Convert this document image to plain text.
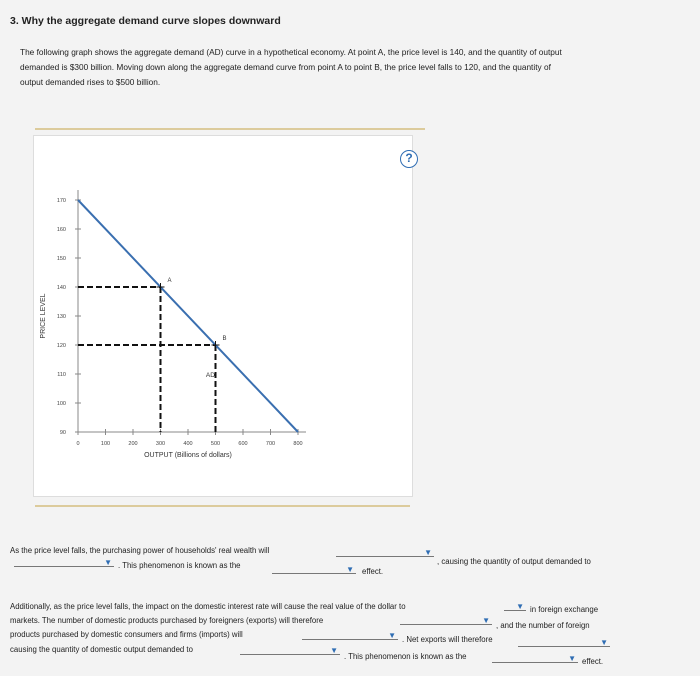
3. Why the aggregate demand curve slopes downward
The following graph shows the aggregate demand (AD) curve in a hypothetical economy. At point A, the price level is 140, and the quantity of output
demanded is $300 billion. Moving down along the aggregate demand curve from point A to point B, the price level falls to 120, and the quantity of
output demanded rises to $500 billion.
?
90
100
110
120
130
140
150
160
170
0	100	200	300	400	500	600	700	800
OUTPUT (Billions of dollars)
PRICE LEVEL
AD
A
B
As the price level falls, the purchasing power of households' real wealth will	▼
, causing the quantity of output demanded to
▼ . This phenomenon is known as the	▼ effect.
Additionally, as the price level falls, the impact on the domestic interest rate will cause the real value of the dollar to	▼ in foreign exchange
markets. The number of domestic products purchased by foreigners (exports) will therefore	▼
, and the number of foreign
products purchased by domestic consumers and firms (imports) will	▼ . Net exports will therefore	▼
causing the quantity of domestic output demanded to	▼
. This phenomenon is known as the	▼ effect.
